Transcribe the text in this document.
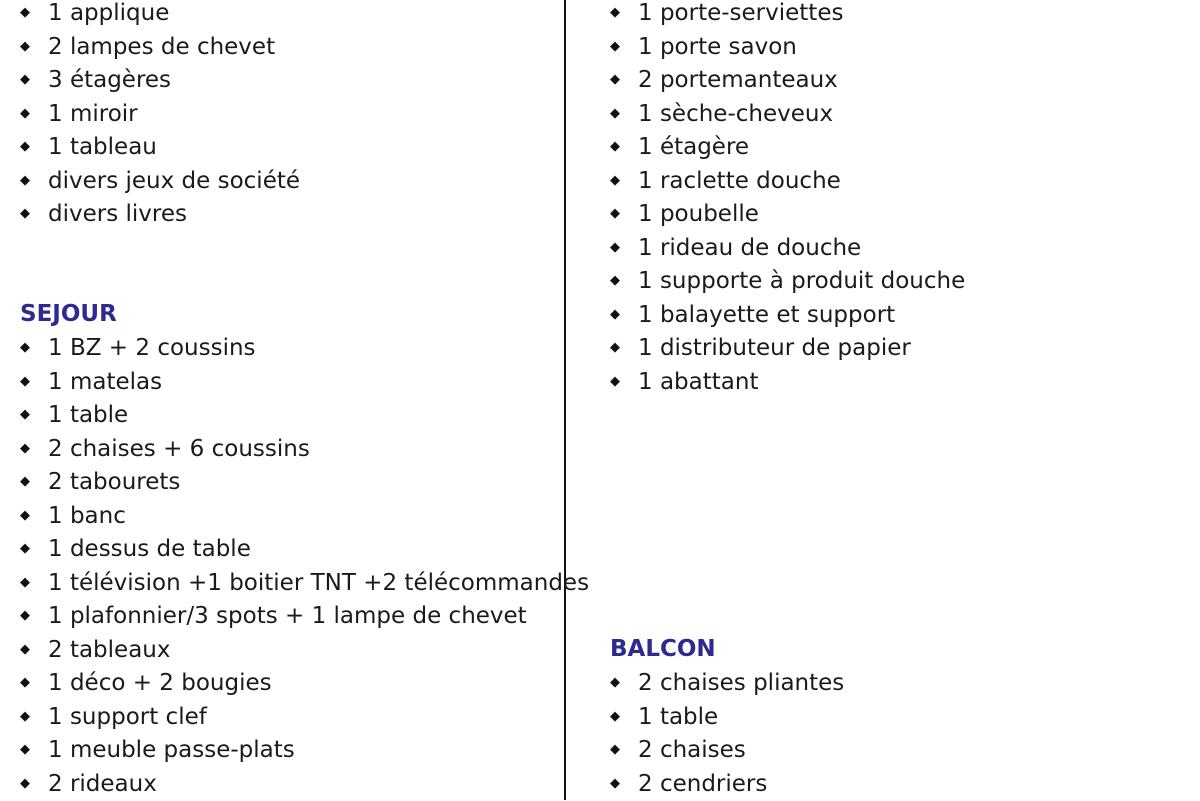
◆ 1 applique
◆ 2 lampes de chevet
◆ 3 étagères
◆ 1 miroir
◆ 1 tableau
◆ divers jeux de société
◆ divers livres
SEJOUR
◆ 1 BZ + 2 coussins
◆ 1 matelas
◆ 1 table
◆ 2 chaises + 6 coussins
◆ 2 tabourets
◆ 1 banc
◆ 1 dessus de table
◆ 1 télévision +1 boitier TNT +2 télécommandes
◆ 1 plafonnier/3 spots + 1 lampe de chevet
◆ 2 tableaux
◆ 1 déco + 2 bougies
◆ 1 support clef
◆ 1 meuble passe-plats
◆ 2 rideaux
◆ 1 porte-serviettes
◆ 1 porte savon
◆ 2 portemanteaux
◆ 1 sèche-cheveux
◆ 1 étagère
◆ 1 raclette douche
◆ 1 poubelle
◆ 1 rideau de douche
◆ 1 supporte à produit douche
◆ 1 balayette et support
◆ 1 distributeur de papier
◆ 1 abattant
BALCON
◆ 2 chaises pliantes
◆ 1 table
◆ 2 chaises
◆ 2 cendriers
